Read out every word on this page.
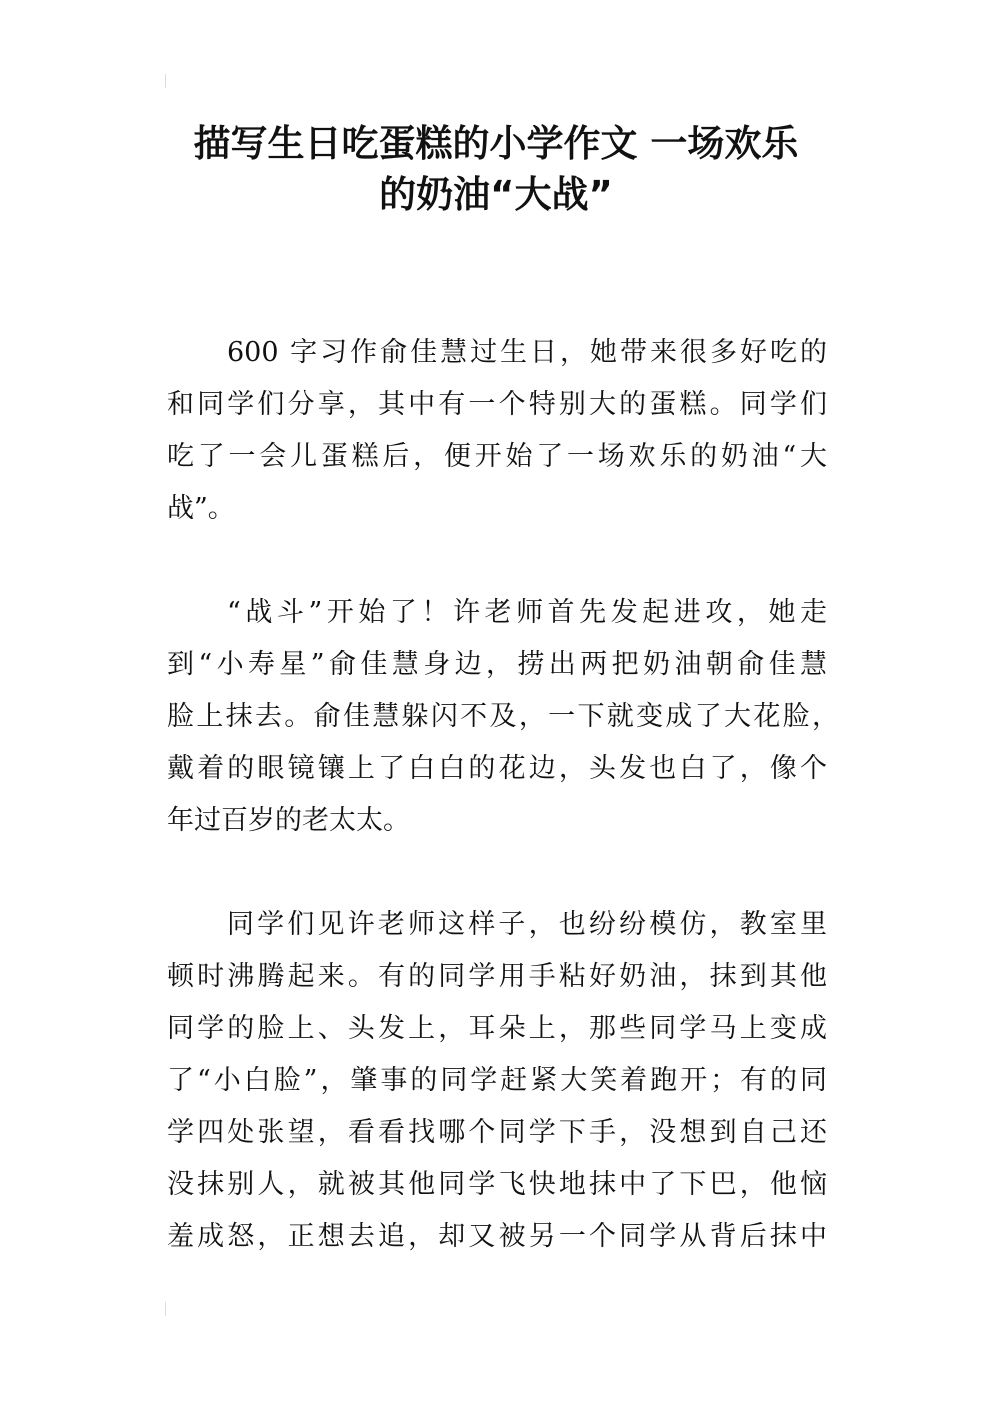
描写生日吃蛋糕的小学作文 一场欢乐
的奶油“大战”
600 字习作俞佳慧过生日，她带来很多好吃的
和同学们分享，其中有一个特别大的蛋糕。同学们
吃了一会儿蛋糕后，便开始了一场欢乐的奶油“大
战”。
“战斗”开始了！许老师首先发起进攻，她走
到“小寿星”俞佳慧身边，捞出两把奶油朝俞佳慧
脸上抹去。俞佳慧躲闪不及，一下就变成了大花脸，
戴着的眼镜镶上了白白的花边，头发也白了，像个
年过百岁的老太太。
同学们见许老师这样子，也纷纷模仿，教室里
顿时沸腾起来。有的同学用手粘好奶油，抹到其他
同学的脸上、头发上，耳朵上，那些同学马上变成
了“小白脸”，肇事的同学赶紧大笑着跑开；有的同
学四处张望，看看找哪个同学下手，没想到自己还
没抹别人，就被其他同学飞快地抹中了下巴，他恼
羞成怒，正想去追，却又被另一个同学从背后抹中
